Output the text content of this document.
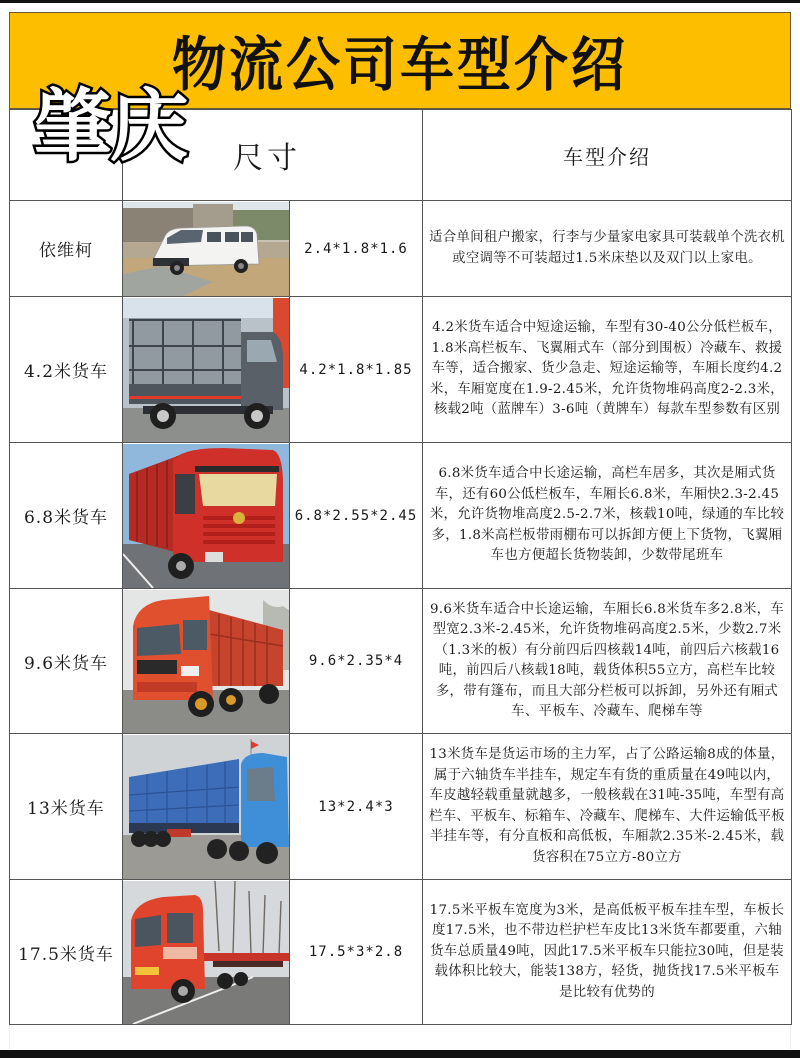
物流公司车型介绍
	尺寸		车型介绍
依维柯		2.4*1.8*1.6	适合单间租户搬家，行李与少量家电家具可装载单个洗衣机或空调等不可装超过1.5米床垫以及双门以上家电。
4.2米货车		4.2*1.8*1.85	4.2米货车适合中短途运输，车型有30-40公分低栏板车，1.8米高栏板车、飞翼厢式车（部分到围板）冷藏车、救援车等，适合搬家、货少急走、短途运输等，车厢长度约4.2米，车厢宽度在1.9-2.45米，允许货物堆码高度2-2.3米，核载2吨（蓝牌车）3-6吨（黄牌车）每款车型参数有区别
6.8米货车		6.8*2.55*2.45	6.8米货车适合中长途运输，高栏车居多，其次是厢式货车，还有60公低栏板车，车厢长6.8米，车厢快2.3-2.45米，允许货物堆高度2.5-2.7米，核载10吨，绿通的车比较多，1.8米高栏板带雨棚布可以拆卸方便上下货物，飞翼厢车也方便超长货物装卸，少数带尾班车
9.6米货车		9.6*2.35*4	9.6米货车适合中长途运输，车厢长6.8米货车多2.8米，车型宽2.3米-2.45米，允许货物堆码高度2.5米，少数2.7米（1.3米的板）有分前四后四核载14吨，前四后六核载16吨，前四后八核载18吨，载货体积55立方，高栏车比较多，带有篷布，而且大部分栏板可以拆卸，另外还有厢式车、平板车、冷藏车、爬梯车等
13米货车		13*2.4*3	13米货车是货运市场的主力军，占了公路运输8成的体量，属于六轴货车半挂车，规定车有货的重质量在49吨以内，车皮越轻载重量就越多，一般核载在31吨-35吨，车型有高栏车、平板车、标箱车、冷藏车、爬梯车、大件运输低平板半挂车等，有分直板和高低板，车厢款2.35米-2.45米，载货容积在75立方-80立方
17.5米货车		17.5*3*2.8	17.5米平板车宽度为3米，是高低板平板车挂车型，车板长度17.5米，也不带边栏护栏车皮比13米货车都要重，六轴货车总质量49吨，因此17.5米平板车只能拉30吨，但是装载体积比较大，能装138方，轻货，抛货找17.5米平板车是比较有优势的
肇庆
